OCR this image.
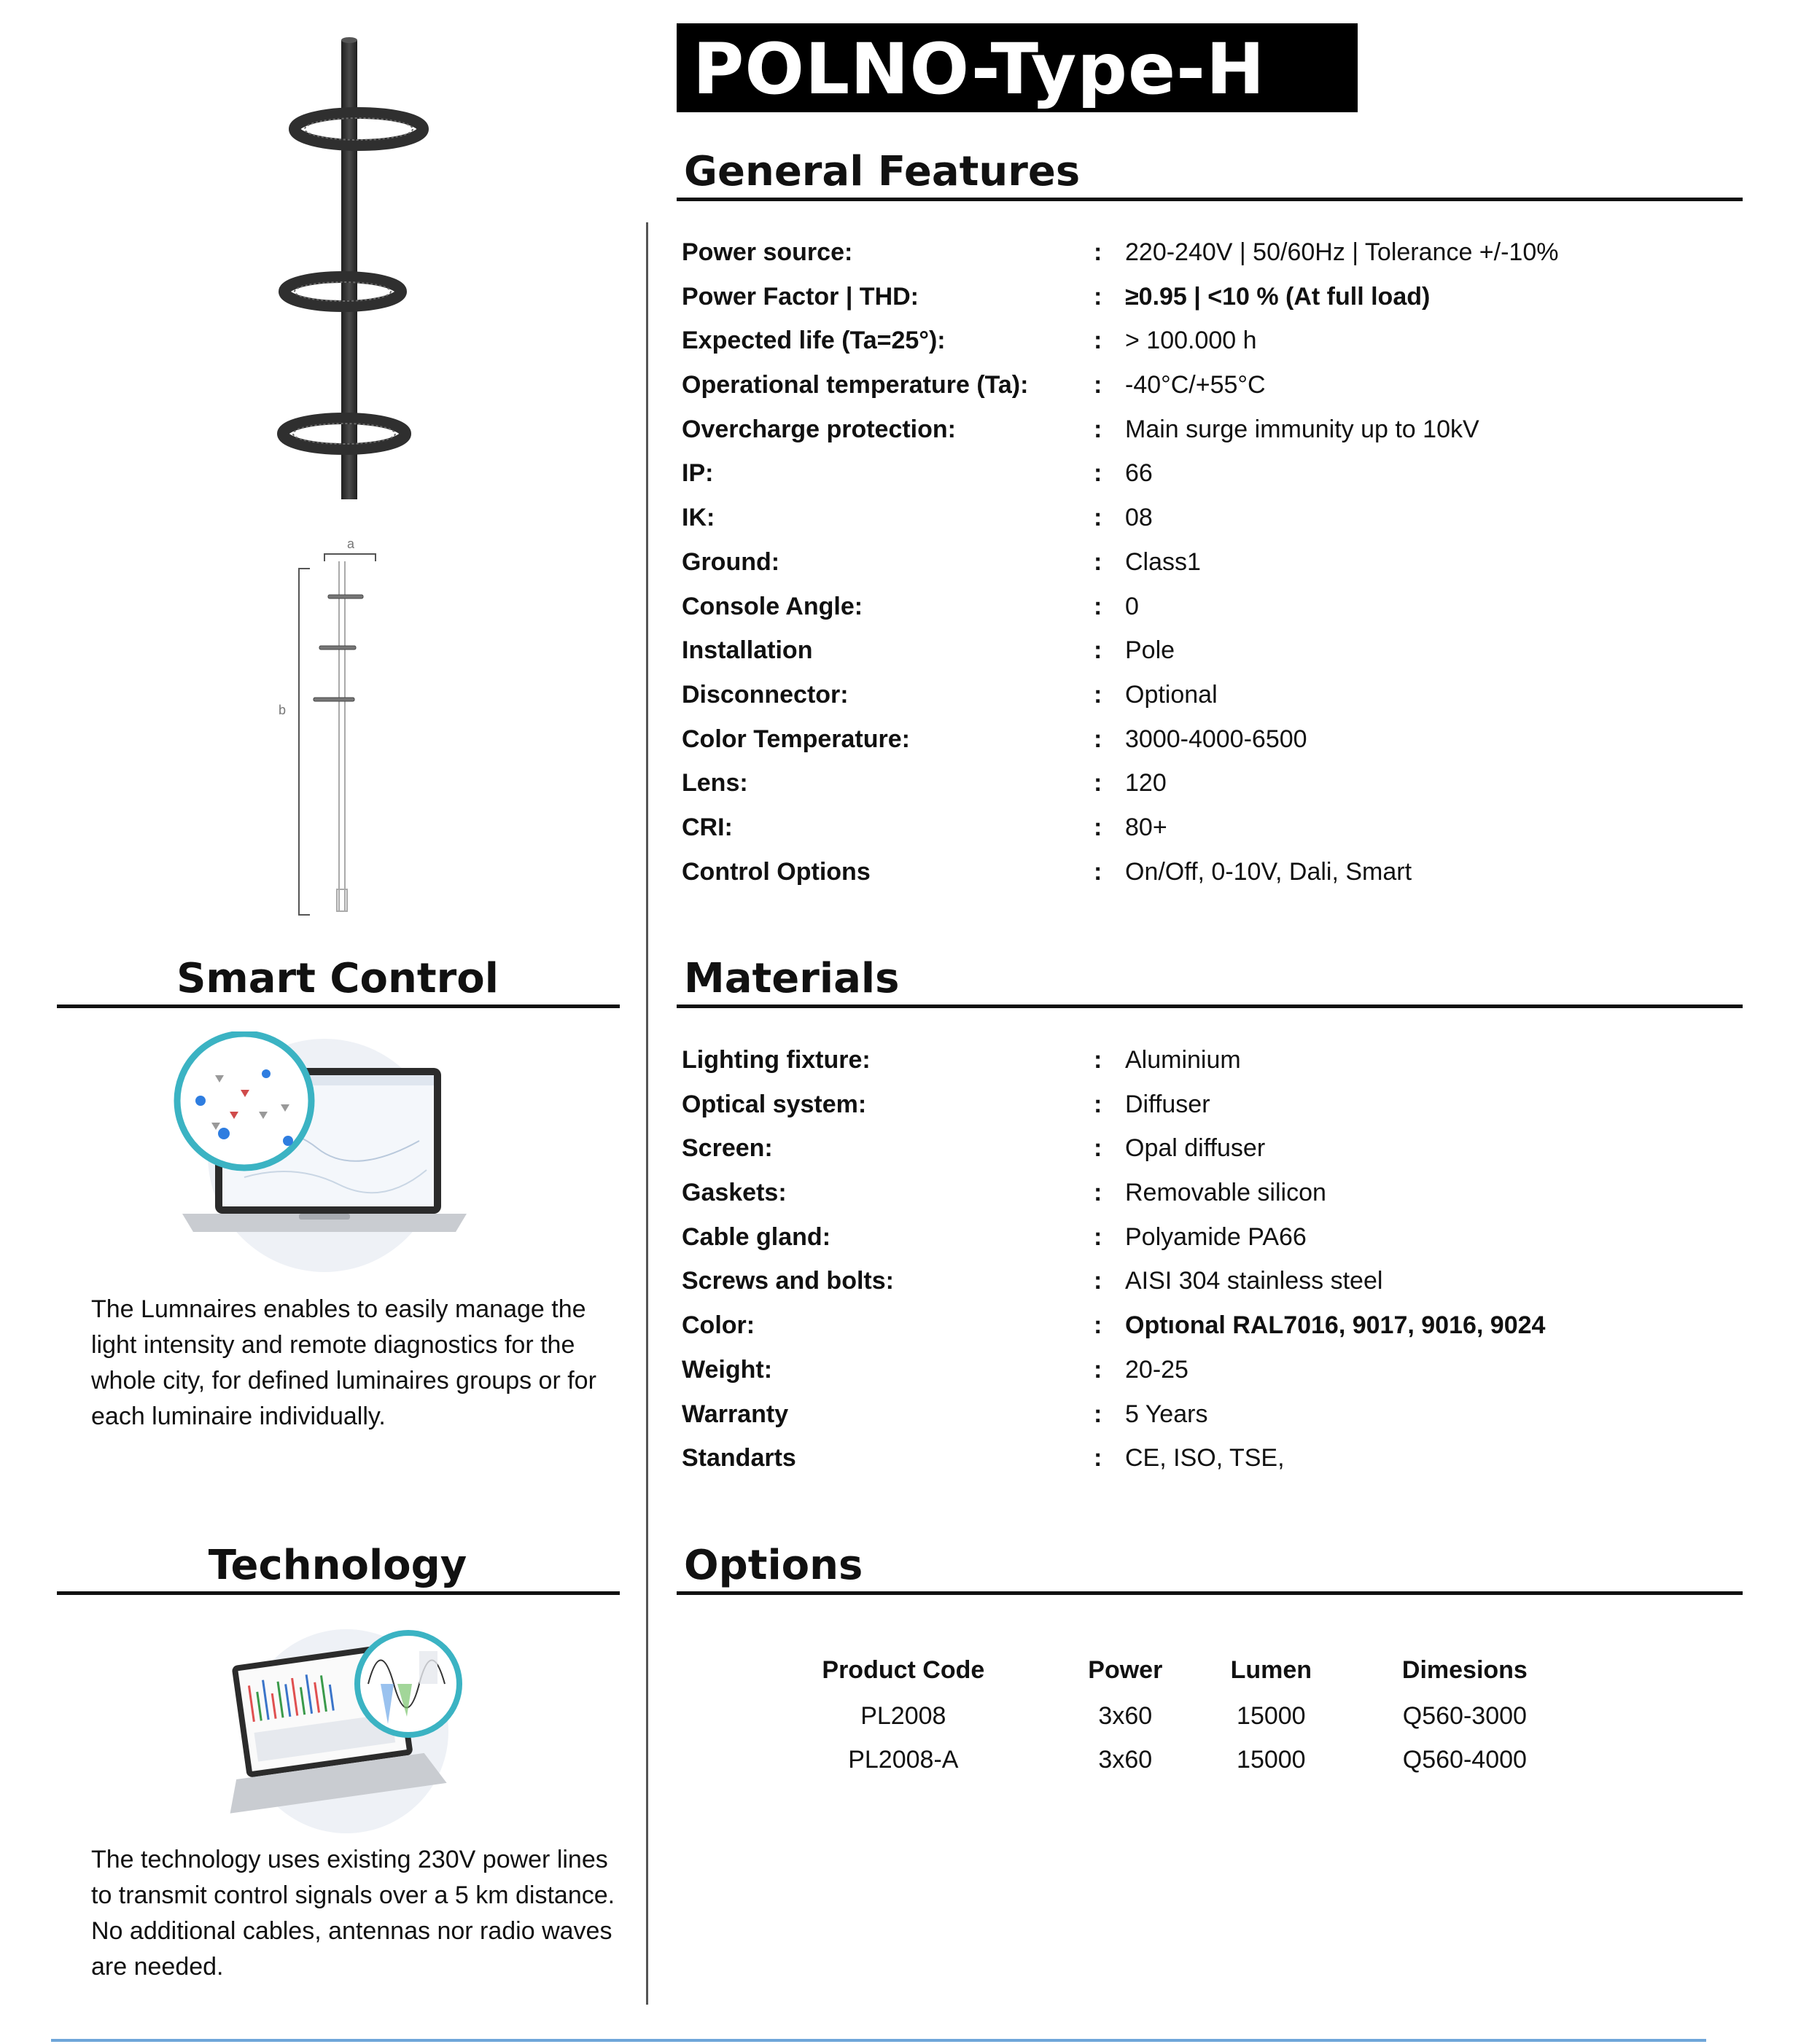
POLNO-Type-H
a
b
General Features
Power source:	: 220-240V | 50/60Hz | Tolerance +/-10%
Power Factor | THD:	: ≥0.95 | <10 % (At full load)
Expected life (Ta=25°):	: > 100.000 h
Operational temperature (Ta):	: -40°C/+55°C
Overcharge protection:	: Main surge immunity up to 10kV
IP:	: 66
IK:	: 08
Ground:	: Class1
Console Angle:	: 0
Installation	: Pole
Disconnector:	: Optional
Color Temperature:	: 3000-4000-6500
Lens:	: 120
CRI:	: 80+
Control Options	: On/Off, 0-10V, Dali, Smart
Materials
Lighting fixture:	: Aluminium
Optical system:	: Diffuser
Screen:	: Opal diffuser
Gaskets:	: Removable silicon
Cable gland:	: Polyamide PA66
Screws and bolts:	: AISI 304 stainless steel
Color:	: Optıonal RAL7016, 9017, 9016, 9024
Weight:	: 20-25
Warranty	: 5 Years
Standarts	: CE, ISO, TSE,
Options
Product Code	Power	Lumen	Dimesions
PL2008	3x60	15000	Q560-3000
PL2008-A	3x60	15000	Q560-4000
Smart Control
The Lumnaires enables to easily manage the light intensity and remote diagnostics for the whole city, for defined luminaires groups or for each luminaire individually.
Technology
The technology uses existing 230V power lines to transmit control signals over a 5 km distance. No additional cables, antennas nor radio waves are needed.
